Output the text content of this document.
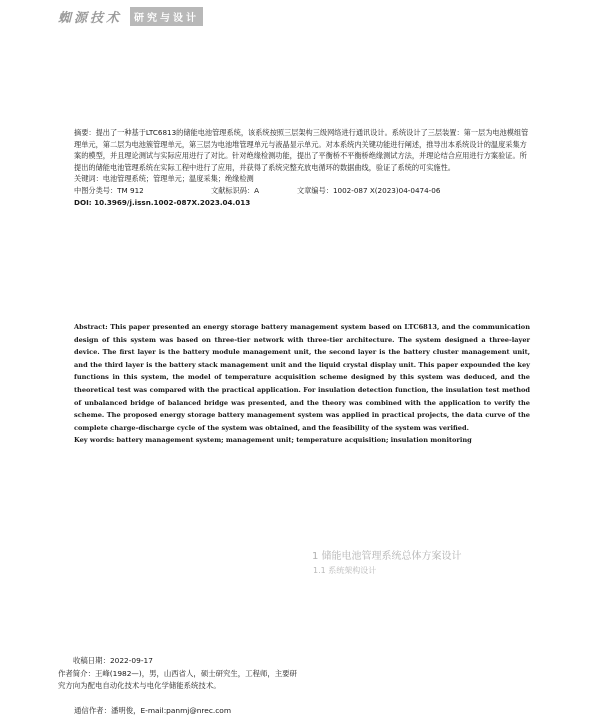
蜘源技术	研究与设计

摘要：提出了一种基于LTC6813的储能电池管理系统，该系统按照三层架构三级网络进行通讯设计。系统设计了三层装置：第一层为电池模组管理单元，第二层为电池簇管理单元，第三层为电池堆管理单元与液晶显示单元。对本系统内关键功能进行阐述，推导出本系统设计的温度采集方案的模型，并且理论测试与实际应用进行了对比。针对绝缘检测功能，提出了平衡桥不平衡桥绝缘测试方法，并理论结合应用进行方案验证。所提出的储能电池管理系统在实际工程中进行了应用，并获得了系统完整充放电循环的数据曲线，验证了系统的可实施性。

关键词：电池管理系统；管理单元；温度采集；绝缘检测

中图分类号：TM 912	文献标识码：A	文章编号：1002-087 X(2023)04-0474-06

DOI: 10.3969/j.issn.1002-087X.2023.04.013

Abstract: This paper presented an energy storage battery management system based on LTC6813, and the communication design of this system was based on three-tier network with three-tier architecture. The system designed a three-layer device. The first layer is the battery module management unit, the second layer is the battery cluster management unit, and the third layer is the battery stack management unit and the liquid crystal display unit. This paper expounded the key functions in this system, the model of temperature acquisition scheme designed by this system was deduced, and the theoretical test was compared with the practical application. For insulation detection function, the insulation test method of unbalanced bridge of balanced bridge was presented, and the theory was combined with the application to verify the scheme. The proposed energy storage battery management system was applied in practical projects, the data curve of the complete charge-discharge cycle of the system was obtained, and the feasibility of the system was verified.

Key words: battery management system; management unit; temperature acquisition; insulation monitoring

1 储能电池管理系统总体方案设计
1.1 系统架构设计

收稿日期：2022-09-17

作者简介：王峰(1982—)，男，山西省人，硕士研究生，工程师，主要研究方向为配电自动化技术与电化学储能系统技术。

通信作者：潘明俊，E-mail:panmj@nrec.com
